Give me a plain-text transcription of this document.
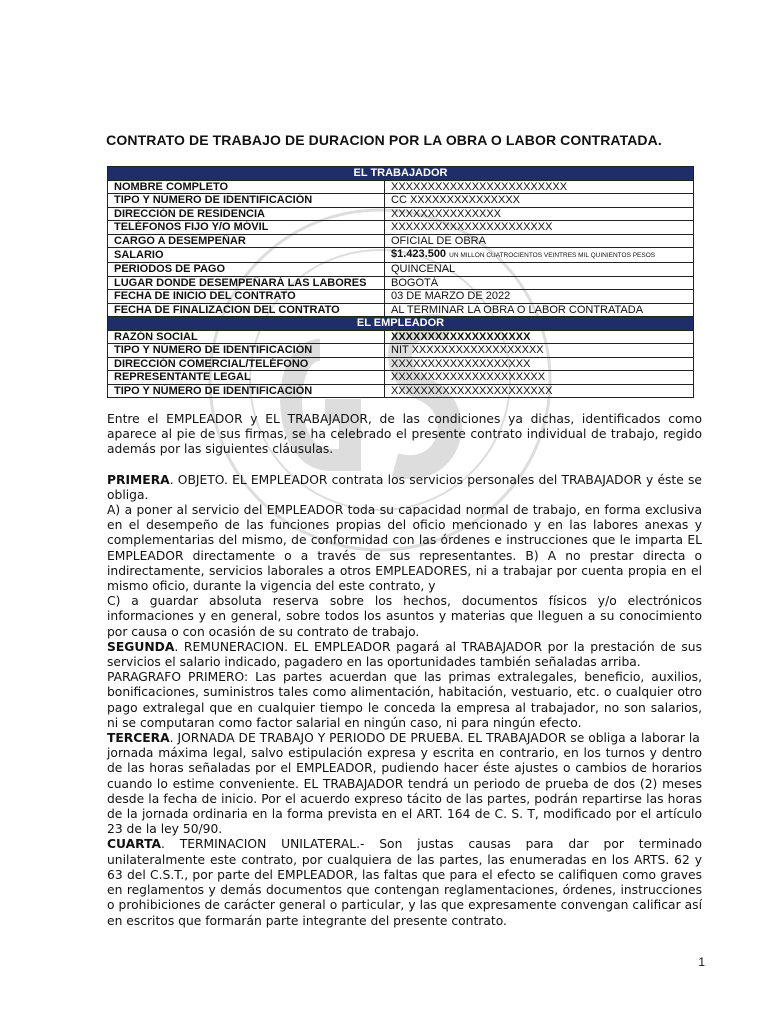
CONTRATO DE TRABAJO DE DURACION POR LA OBRA O LABOR CONTRATADA.
EL TRABAJADOR	
NOMBRE COMPLETO	XXXXXXXXXXXXXXXXXXXXXXXX
TIPO Y NÚMERO DE IDENTIFICACIÓN	CC XXXXXXXXXXXXXXX
DIRECCIÓN DE RESIDENCIA	XXXXXXXXXXXXXXX
TELÉFONOS FIJO Y/O MÓVIL	XXXXXXXXXXXXXXXXXXXXXX
CARGO A DESEMPEÑAR	OFICIAL DE OBRA
SALARIO	$1.423.500 UN MILLON CUATROCIENTOS VEINTRES MIL QUINIENTOS PESOS
PERIODOS DE PAGO	QUINCENAL
LUGAR DONDE DESEMPEÑARÁ LAS LABORES	BOGOTÁ
FECHA DE INICIO DEL CONTRATO	03 DE MARZO DE 2022
FECHA DE FINALIZACION DEL CONTRATO	AL TERMINAR LA OBRA O LABOR CONTRATADA
EL EMPLEADOR	
RAZÓN SOCIAL	XXXXXXXXXXXXXXXXXXX
TIPO Y NÚMERO DE IDENTIFICACIÓN	NIT XXXXXXXXXXXXXXXXXX
DIRECCIÓN COMERCIAL/TELÉFONO	XXXXXXXXXXXXXXXXXXX
REPRESENTANTE LEGAL	XXXXXXXXXXXXXXXXXXXXX
TIPO Y NÚMERO DE IDENTIFICACIÓN	XXXXXXXXXXXXXXXXXXXXXX

Entre el EMPLEADOR y EL TRABAJADOR, de las condiciones ya dichas, identificados como aparece al pie de sus firmas, se ha celebrado el presente contrato individual de trabajo, regido además por las siguientes cláusulas.

PRIMERA. OBJETO. EL EMPLEADOR contrata los servicios personales del TRABAJADOR y éste se obliga.

A) a poner al servicio del EMPLEADOR toda su capacidad normal de trabajo, en forma exclusiva en el desempeño de las funciones propias del oficio mencionado y en las labores anexas y complementarias del mismo, de conformidad con las órdenes e instrucciones que le imparta EL EMPLEADOR directamente o a través de sus representantes. B) A no prestar directa o indirectamente, servicios laborales a otros EMPLEADORES, ni a trabajar por cuenta propia en el mismo oficio, durante la vigencia del este contrato, y

C) a guardar absoluta reserva sobre los hechos, documentos físicos y/o electrónicos informaciones y en general, sobre todos los asuntos y materias que lleguen a su conocimiento por causa o con ocasión de su contrato de trabajo.

SEGUNDA. REMUNERACION. EL EMPLEADOR pagará al TRABAJADOR por la prestación de sus servicios el salario indicado, pagadero en las oportunidades también señaladas arriba.

PARAGRAFO PRIMERO: Las partes acuerdan que las primas extralegales, beneficio, auxilios, bonificaciones, suministros tales como alimentación, habitación, vestuario, etc. o cualquier otro pago extralegal que en cualquier tiempo le conceda la empresa al trabajador, no son salarios, ni se computaran como factor salarial en ningún caso, ni para ningún efecto.

TERCERA. JORNADA DE TRABAJO Y PERIODO DE PRUEBA. EL TRABAJADOR se obliga a laborar la

jornada máxima legal, salvo estipulación expresa y escrita en contrario, en los turnos y dentro de las horas señaladas por el EMPLEADOR, pudiendo hacer éste ajustes o cambios de horarios cuando lo estime conveniente. EL TRABAJADOR tendrá un periodo de prueba de dos (2) meses desde la fecha de inicio. Por el acuerdo expreso tácito de las partes, podrán repartirse las horas de la jornada ordinaria en la forma prevista en el ART. 164 de C. S. T, modificado por el artículo 23 de la ley 50/90.

CUARTA. TERMINACION UNILATERAL.- Son justas causas para dar por terminado unilateralmente este contrato, por cualquiera de las partes, las enumeradas en los ARTS. 62 y 63 del C.S.T., por parte del EMPLEADOR, las faltas que para el efecto se califiquen como graves en reglamentos y demás documentos que contengan reglamentaciones, órdenes, instrucciones o prohibiciones de carácter general o particular, y las que expresamente convengan calificar así en escritos que formarán parte integrante del presente contrato.

1
